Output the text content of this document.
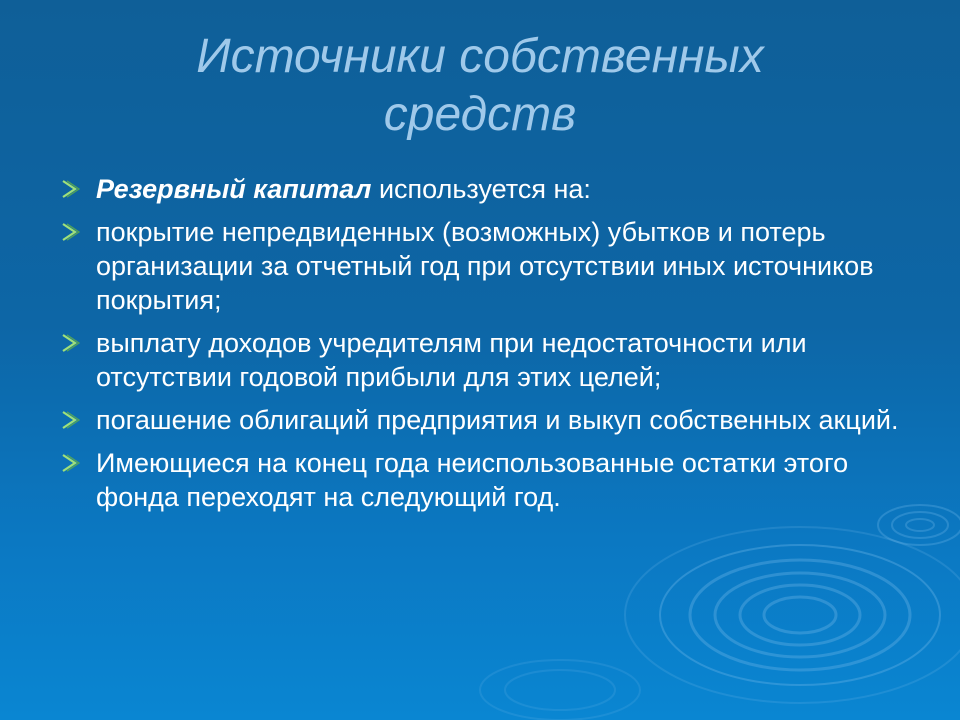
Источники собственных
средств
Резервный капитал используется на:
покрытие непредвиденных (возможных) убытков и потерь организации за отчетный год при отсутствии иных источников покрытия;
выплату доходов учредителям при недостаточности или отсутствии годовой прибыли для этих целей;
погашение облигаций предприятия и выкуп собственных акций.
Имеющиеся на конец года неиспользованные остатки этого фонда переходят на следующий год.
